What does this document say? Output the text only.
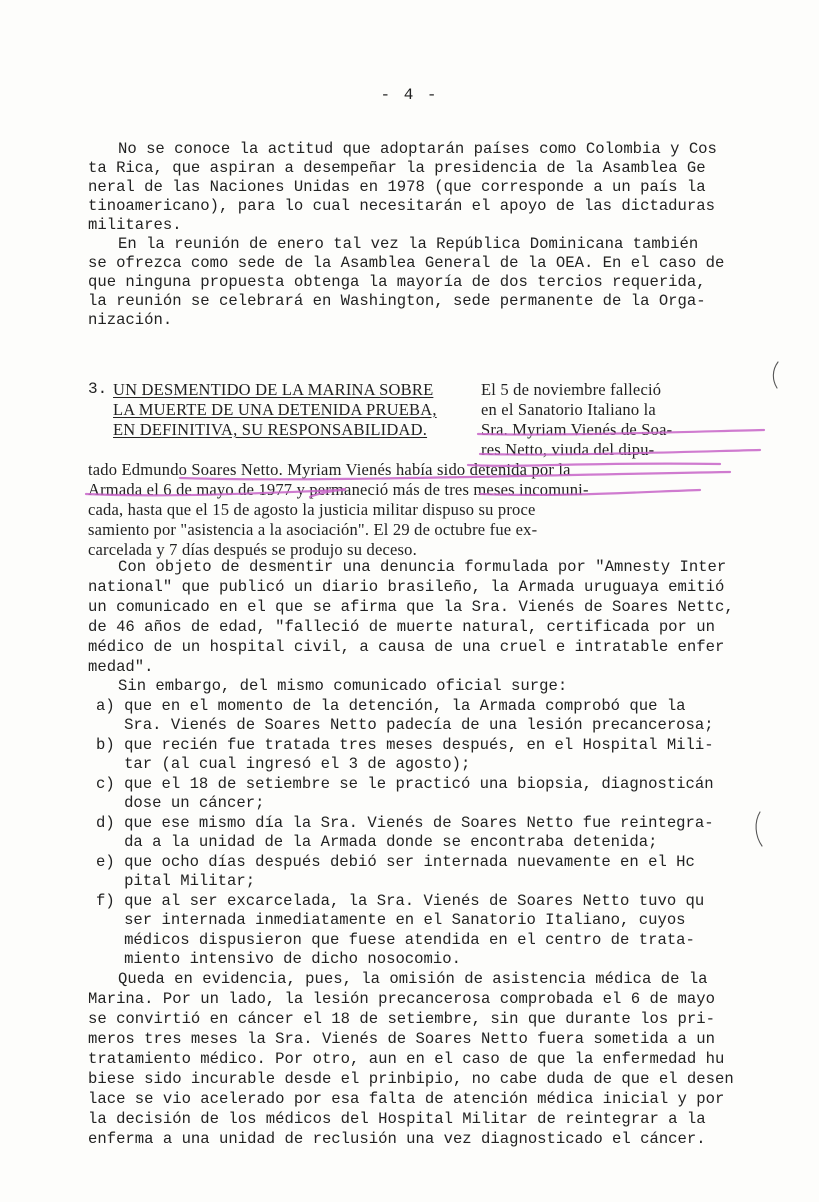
- 4 -
No se conoce la actitud que adoptarán países como Colombia y Cos
ta Rica, que aspiran a desempeñar la presidencia de la Asamblea Ge
neral de las Naciones Unidas en 1978 (que corresponde a un país la
tinoamericano), para lo cual necesitarán el apoyo de las dictaduras
militares.
En la reunión de enero tal vez la República Dominicana también
se ofrezca como sede de la Asamblea General de la OEA. En el caso de
que ninguna propuesta obtenga la mayoría de dos tercios requerida,
la reunión se celebrará en Washington, sede permanente de la Orga-
nización.
3. UN DESMENTIDO DE LA MARINA SOBRE
LA MUERTE DE UNA DETENIDA PRUEBA,
EN DEFINITIVA, SU RESPONSABILIDAD.
El 5 de noviembre falleció
en el Sanatorio Italiano la
Sra. Myriam Vienés de Soa-
res Netto, viuda del dipu-
tado Edmundo Soares Netto. Myriam Vienés había sido detenida por la
Armada el 6 de mayo de 1977 y permaneció más de tres meses incomuni-
cada, hasta que el 15 de agosto la justicia militar dispuso su proce
samiento por "asistencia a la asociación". El 29 de octubre fue ex-
carcelada y 7 días después se produjo su deceso.
Con objeto de desmentir una denuncia formulada por "Amnesty Inter
national" que publicó un diario brasileño, la Armada uruguaya emitió
un comunicado en el que se afirma que la Sra. Vienés de Soares Nettc,
de 46 años de edad, "falleció de muerte natural, certificada por un
médico de un hospital civil, a causa de una cruel e intratable enfer
medad".
Sin embargo, del mismo comunicado oficial surge:
a) que en el momento de la detención, la Armada comprobó que la
Sra. Vienés de Soares Netto padecía de una lesión precancerosa;
b) que recién fue tratada tres meses después, en el Hospital Mili-
tar (al cual ingresó el 3 de agosto);
c) que el 18 de setiembre se le practicó una biopsia, diagnosticán
dose un cáncer;
d) que ese mismo día la Sra. Vienés de Soares Netto fue reintegra-
da a la unidad de la Armada donde se encontraba detenida;
e) que ocho días después debió ser internada nuevamente en el Hc
pital Militar;
f) que al ser excarcelada, la Sra. Vienés de Soares Netto tuvo qu
ser internada inmediatamente en el Sanatorio Italiano, cuyos
médicos dispusieron que fuese atendida en el centro de trata-
miento intensivo de dicho nosocomio.
Queda en evidencia, pues, la omisión de asistencia médica de la
Marina. Por un lado, la lesión precancerosa comprobada el 6 de mayo
se convirtió en cáncer el 18 de setiembre, sin que durante los pri-
meros tres meses la Sra. Vienés de Soares Netto fuera sometida a un
tratamiento médico. Por otro, aun en el caso de que la enfermedad hu
biese sido incurable desde el prinbipio, no cabe duda de que el desen
lace se vio acelerado por esa falta de atención médica inicial y por
la decisión de los médicos del Hospital Militar de reintegrar a la
enferma a una unidad de reclusión una vez diagnosticado el cáncer.
